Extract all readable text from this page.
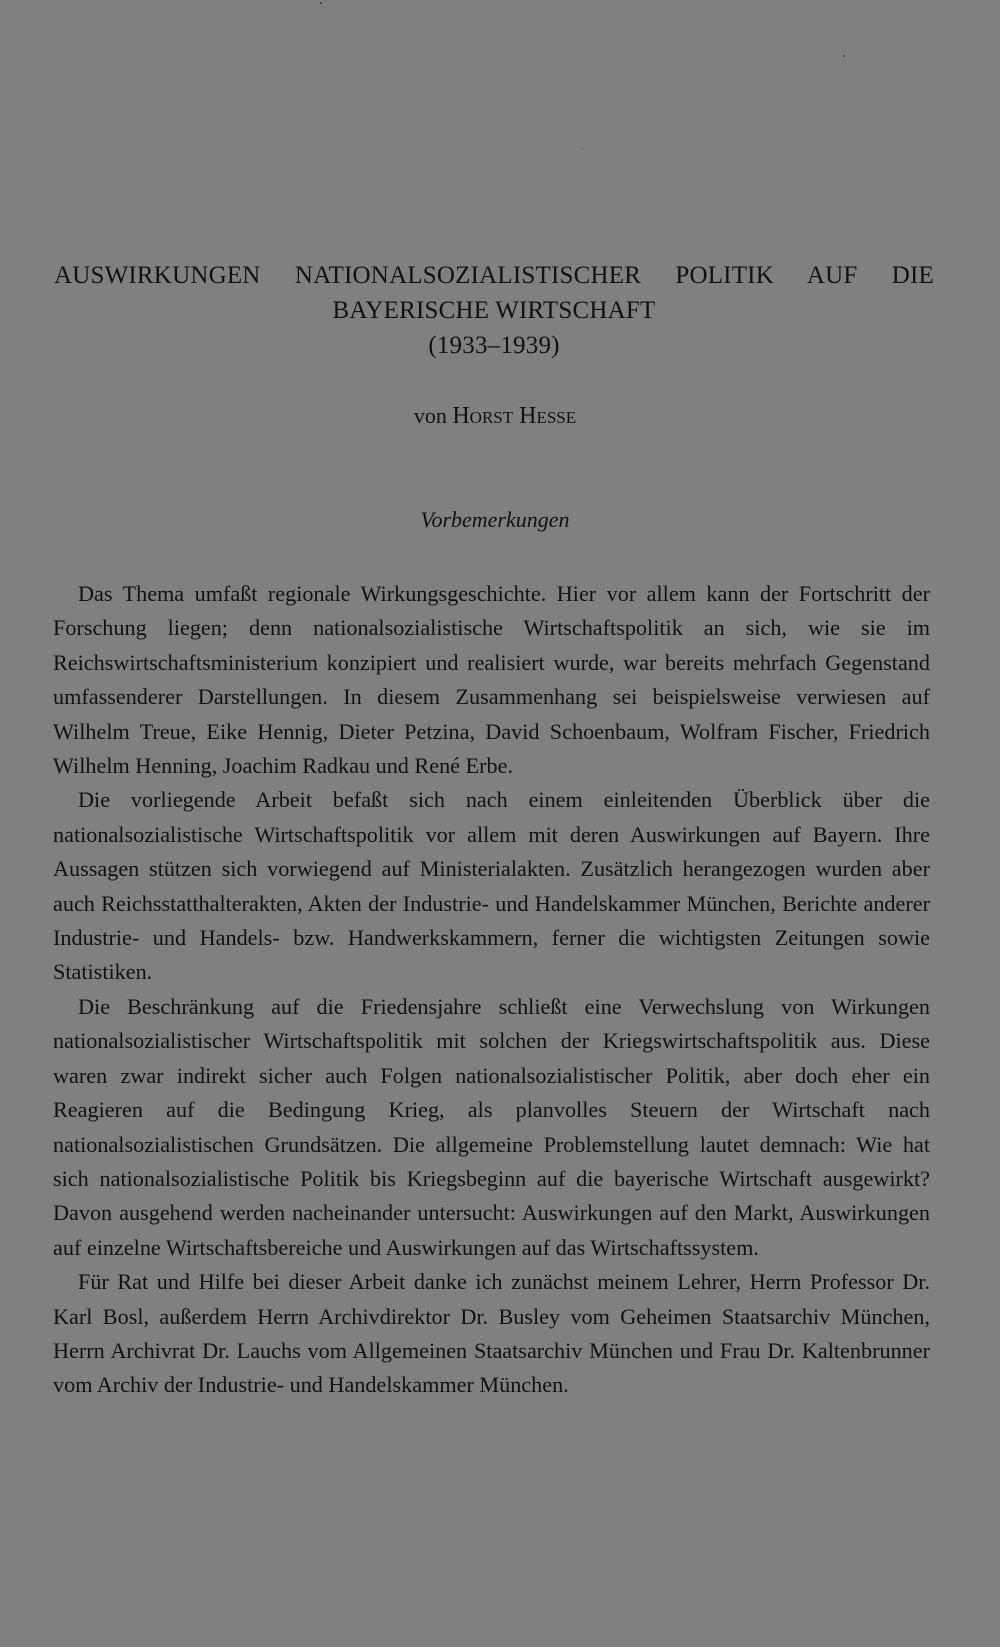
AUSWIRKUNGEN NATIONALSOZIALISTISCHER POLITIK AUF DIE
BAYERISCHE WIRTSCHAFT
(1933–1939)
von Horst Hesse
Vorbemerkungen

Das Thema umfaßt regionale Wirkungsgeschichte. Hier vor allem kann der Fortschritt der Forschung liegen; denn nationalsozialistische Wirtschaftspolitik an sich, wie sie im Reichswirtschaftsministerium konzipiert und realisiert wurde, war bereits mehrfach Gegenstand umfassenderer Darstellungen. In diesem Zusammenhang sei beispielsweise verwiesen auf Wilhelm Treue, Eike Hennig, Dieter Petzina, David Schoenbaum, Wolfram Fischer, Friedrich Wilhelm Henning, Joachim Radkau und René Erbe.

Die vorliegende Arbeit befaßt sich nach einem einleitenden Überblick über die nationalsozialistische Wirtschaftspolitik vor allem mit deren Auswirkungen auf Bayern. Ihre Aussagen stützen sich vorwiegend auf Ministerialakten. Zusätzlich herangezogen wurden aber auch Reichsstatthalterakten, Akten der Industrie- und Handelskammer München, Berichte anderer Industrie- und Handels- bzw. Handwerkskammern, ferner die wichtigsten Zeitungen sowie Statistiken.

Die Beschränkung auf die Friedensjahre schließt eine Verwechslung von Wirkungen nationalsozialistischer Wirtschaftspolitik mit solchen der Kriegswirtschaftspolitik aus. Diese waren zwar indirekt sicher auch Folgen nationalsozialistischer Politik, aber doch eher ein Reagieren auf die Bedingung Krieg, als planvolles Steuern der Wirtschaft nach nationalsozialistischen Grundsätzen. Die allgemeine Problemstellung lautet demnach: Wie hat sich nationalsozialistische Politik bis Kriegsbeginn auf die bayerische Wirtschaft ausgewirkt? Davon ausgehend werden nacheinander untersucht: Auswirkungen auf den Markt, Auswirkungen auf einzelne Wirtschaftsbereiche und Auswirkungen auf das Wirtschaftssystem.

Für Rat und Hilfe bei dieser Arbeit danke ich zunächst meinem Lehrer, Herrn Professor Dr. Karl Bosl, außerdem Herrn Archivdirektor Dr. Busley vom Geheimen Staatsarchiv München, Herrn Archivrat Dr. Lauchs vom Allgemeinen Staatsarchiv München und Frau Dr. Kaltenbrunner vom Archiv der Industrie- und Handelskammer München.
